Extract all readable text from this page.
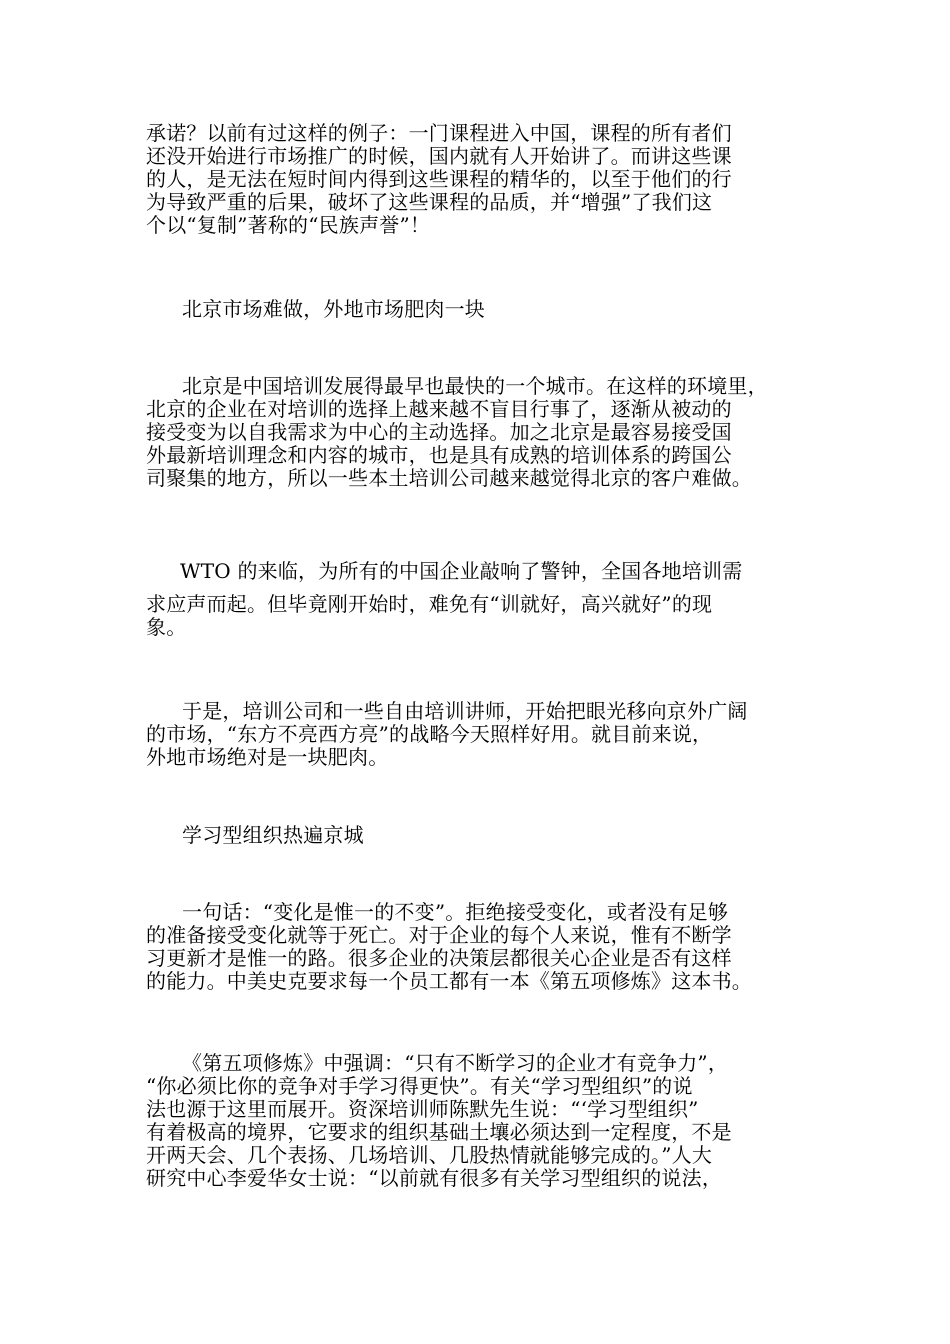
承诺？以前有过这样的例子：一门课程进入中国，课程的所有者们
还没开始进行市场推广的时候，国内就有人开始讲了。而讲这些课
的人，是无法在短时间内得到这些课程的精华的，以至于他们的行
为导致严重的后果，破坏了这些课程的品质，并“增强”了我们这
个以“复制”著称的“民族声誉”！
北京市场难做，外地市场肥肉一块
北京是中国培训发展得最早也最快的一个城市。在这样的环境里，
北京的企业在对培训的选择上越来越不盲目行事了，逐渐从被动的
接受变为以自我需求为中心的主动选择。加之北京是最容易接受国
外最新培训理念和内容的城市，也是具有成熟的培训体系的跨国公
司聚集的地方，所以一些本土培训公司越来越觉得北京的客户难做。
WTO 的来临，为所有的中国企业敲响了警钟，全国各地培训需
求应声而起。但毕竟刚开始时，难免有“训就好，高兴就好”的现
象。
于是，培训公司和一些自由培训讲师，开始把眼光移向京外广阔
的市场，“东方不亮西方亮”的战略今天照样好用。就目前来说，
外地市场绝对是一块肥肉。
学习型组织热遍京城
一句话：“变化是惟一的不变”。拒绝接受变化，或者没有足够
的准备接受变化就等于死亡。对于企业的每个人来说，惟有不断学
习更新才是惟一的路。很多企业的决策层都很关心企业是否有这样
的能力。中美史克要求每一个员工都有一本《第五项修炼》这本书。
《第五项修炼》中强调：“只有不断学习的企业才有竞争力”，
“你必须比你的竞争对手学习得更快”。有关“学习型组织”的说
法也源于这里而展开。资深培训师陈默先生说：“‘学习型组织”
有着极高的境界，它要求的组织基础土壤必须达到一定程度，不是
开两天会、几个表扬、几场培训、几股热情就能够完成的。”人大
研究中心李爱华女士说：“以前就有很多有关学习型组织的说法，
